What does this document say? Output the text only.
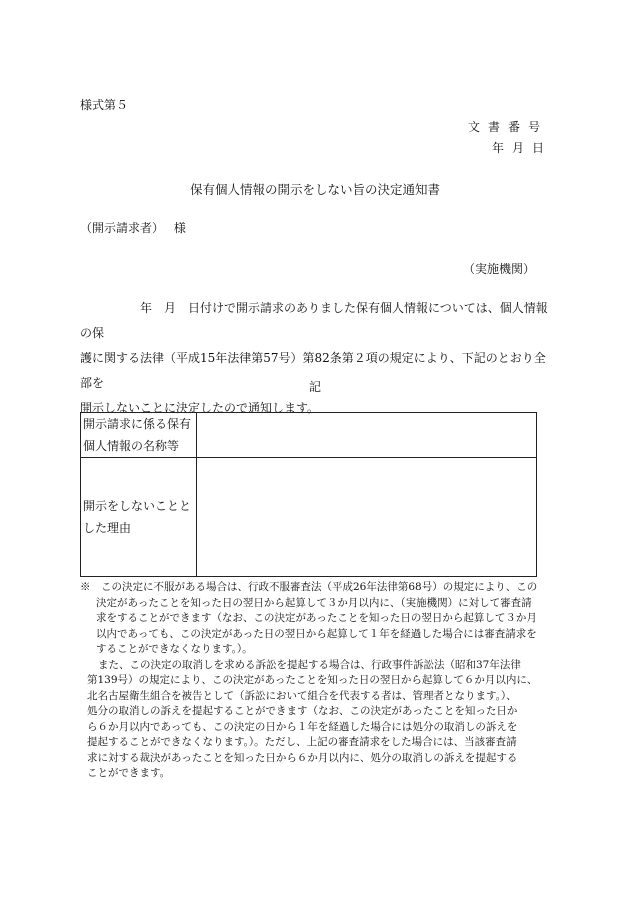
様式第５
文書番号
年月日
保有個人情報の開示をしない旨の決定通知書
（開示請求者）　 様
（実施機関）
　　　　　年　月　日付けで開示請求のありました保有個人情報については、個人情報の保
護に関する法律（平成15年法律第57号）第82条第２項の規定により、下記のとおり全部を
開示しないことに決定したので通知します。
記
開示請求に係る保有個人情報の名称等	
開示をしないこととした理由	
※　この決定に不服がある場合は、行政不服審査法（平成26年法律第68号）の規定により、この
決定があったことを知った日の翌日から起算して３か月以内に、（実施機関）に対して審査請
求をすることができます（なお、この決定があったことを知った日の翌日から起算して３か月
以内であっても、この決定があった日の翌日から起算して１年を経過した場合には審査請求を
することができなくなります。）。
また、この決定の取消しを求める訴訟を提起する場合は、行政事件訴訟法（昭和37年法律
第139号）の規定により、この決定があったことを知った日の翌日から起算して６か月以内に、
北名古屋衛生組合を被告として（訴訟において組合を代表する者は、管理者となります。）、
処分の取消しの訴えを提起することができます（なお、この決定があったことを知った日か
ら６か月以内であっても、この決定の日から１年を経過した場合には処分の取消しの訴えを
提起することができなくなります。）。ただし、上記の審査請求をした場合には、当該審査請
求に対する裁決があったことを知った日から６か月以内に、処分の取消しの訴えを提起する
ことができます。
